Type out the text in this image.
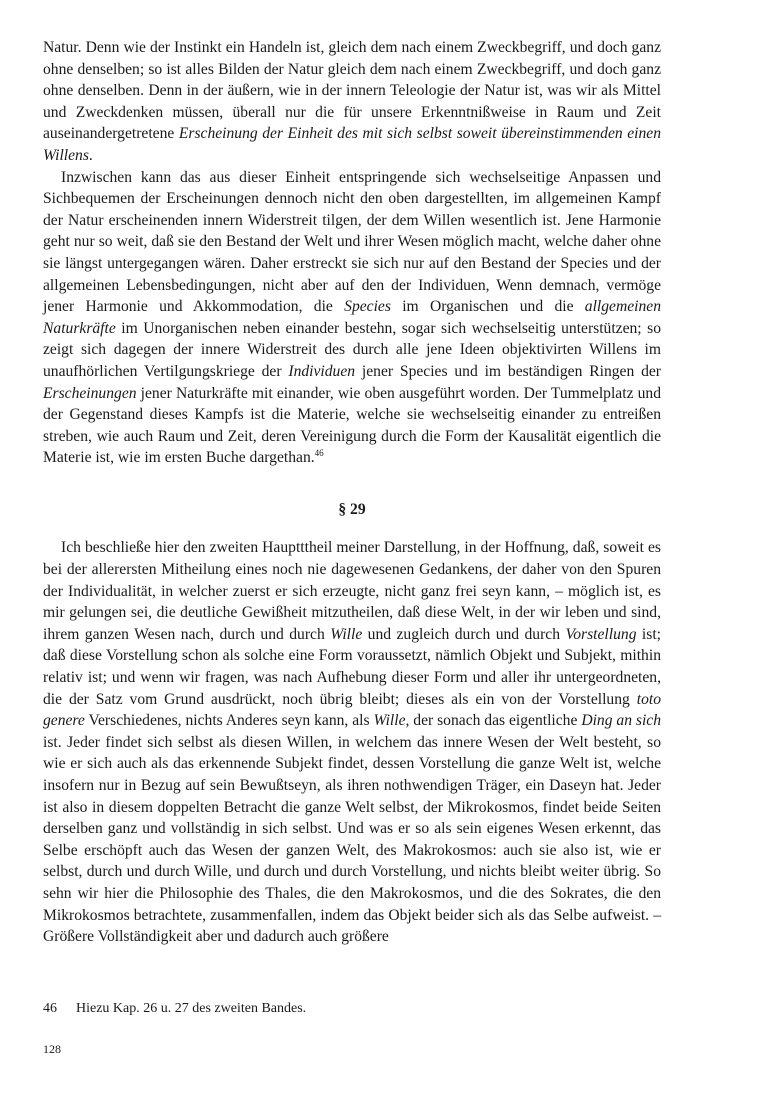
Natur. Denn wie der Instinkt ein Handeln ist, gleich dem nach einem Zweckbegriff, und doch ganz ohne denselben; so ist alles Bilden der Natur gleich dem nach einem Zweckbegriff, und doch ganz ohne denselben. Denn in der äußern, wie in der innern Teleologie der Natur ist, was wir als Mittel und Zweckdenken müssen, überall nur die für unsere Erkenntnißweise in Raum und Zeit auseinandergetretene Erscheinung der Einheit des mit sich selbst soweit übereinstimmenden einen Willens.

Inzwischen kann das aus dieser Einheit entspringende sich wechselseitige Anpassen und Sichbequemen der Erscheinungen dennoch nicht den oben dargestellten, im allgemeinen Kampf der Natur erscheinenden innern Widerstreit tilgen, der dem Willen wesentlich ist. Jene Harmonie geht nur so weit, daß sie den Bestand der Welt und ihrer Wesen möglich macht, welche daher ohne sie längst untergegangen wären. Daher erstreckt sie sich nur auf den Bestand der Species und der allgemeinen Lebensbedingungen, nicht aber auf den der Individuen, Wenn demnach, vermöge jener Harmonie und Akkommodation, die Species im Organischen und die allgemeinen Naturkräfte im Unorganischen neben einander bestehn, sogar sich wechselseitig unterstützen; so zeigt sich dagegen der innere Widerstreit des durch alle jene Ideen objektivirten Willens im unaufhörlichen Vertilgungskriege der Individuen jener Species und im beständigen Ringen der Erscheinungen jener Naturkräfte mit einander, wie oben ausgeführt worden. Der Tummelplatz und der Gegenstand dieses Kampfs ist die Materie, welche sie wechselseitig einander zu entreißen streben, wie auch Raum und Zeit, deren Vereinigung durch die Form der Kausalität eigentlich die Materie ist, wie im ersten Buche dargethan.$^{46}$

§ 29

Ich beschließe hier den zweiten Hauptttheil meiner Darstellung, in der Hoffnung, daß, soweit es bei der allerersten Mitheilung eines noch nie dagewesenen Gedankens, der daher von den Spuren der Individualität, in welcher zuerst er sich erzeugte, nicht ganz frei seyn kann, – möglich ist, es mir gelungen sei, die deutliche Gewißheit mitzutheilen, daß diese Welt, in der wir leben und sind, ihrem ganzen Wesen nach, durch und durch Wille und zugleich durch und durch Vorstellung ist; daß diese Vorstellung schon als solche eine Form voraussetzt, nämlich Objekt und Subjekt, mithin relativ ist; und wenn wir fragen, was nach Aufhebung dieser Form und aller ihr untergeordneten, die der Satz vom Grund ausdrückt, noch übrig bleibt; dieses als ein von der Vorstellung toto genere Verschiedenes, nichts Anderes seyn kann, als Wille, der sonach das eigentliche Ding an sich ist. Jeder findet sich selbst als diesen Willen, in welchem das innere Wesen der Welt besteht, so wie er sich auch als das erkennende Subjekt findet, dessen Vorstellung die ganze Welt ist, welche insofern nur in Bezug auf sein Bewußtseyn, als ihren nothwendigen Träger, ein Daseyn hat. Jeder ist also in diesem doppelten Betracht die ganze Welt selbst, der Mikrokosmos, findet beide Seiten derselben ganz und vollständig in sich selbst. Und was er so als sein eigenes Wesen erkennt, das Selbe erschöpft auch das Wesen der ganzen Welt, des Makrokosmos: auch sie also ist, wie er selbst, durch und durch Wille, und durch und durch Vorstellung, und nichts bleibt weiter übrig. So sehn wir hier die Philosophie des Thales, die den Makrokosmos, und die des Sokrates, die den Mikrokosmos betrachtete, zusammenfallen, indem das Objekt beider sich als das Selbe aufweist. – Größere Vollständigkeit aber und dadurch auch größere

46 Hiezu Kap. 26 u. 27 des zweiten Bandes.
128
